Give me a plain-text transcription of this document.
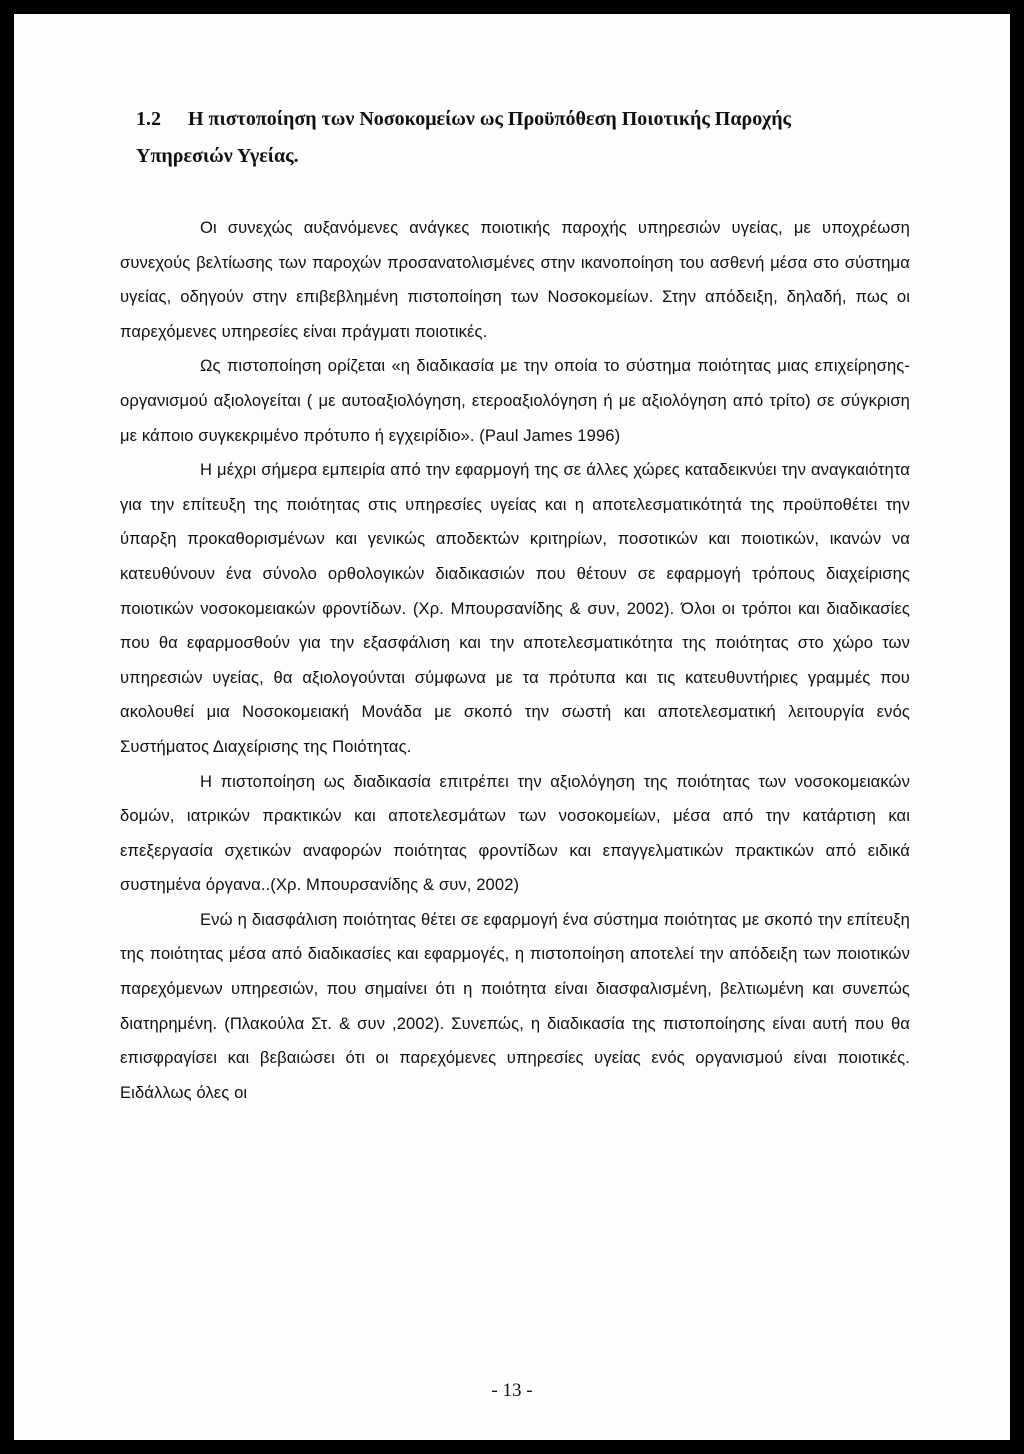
1.2 Η πιστοποίηση των Νοσοκομείων ως Προϋπόθεση Ποιοτικής Παροχής
Υπηρεσιών Υγείας.

Οι συνεχώς αυξανόμενες ανάγκες ποιοτικής παροχής υπηρεσιών υγείας, με υποχρέωση συνεχούς βελτίωσης των παροχών προσανατολισμένες στην ικανοποίηση του ασθενή μέσα στο σύστημα υγείας, οδηγούν στην επιβεβλημένη πιστοποίηση των Νοσοκομείων. Στην απόδειξη, δηλαδή, πως οι παρεχόμενες υπηρεσίες είναι πράγματι ποιοτικές.

Ως πιστοποίηση ορίζεται «η διαδικασία με την οποία το σύστημα ποιότητας μιας επιχείρησης-οργανισμού αξιολογείται ( με αυτοαξιολόγηση, ετεροαξιολόγηση ή με αξιολόγηση από τρίτο) σε σύγκριση με κάποιο συγκεκριμένο πρότυπο ή εγχειρίδιο». (Paul James 1996)

Η μέχρι σήμερα εμπειρία από την εφαρμογή της σε άλλες χώρες καταδεικνύει την αναγκαιότητα για την επίτευξη της ποιότητας στις υπηρεσίες υγείας και η αποτελεσματικότητά της προϋποθέτει την ύπαρξη προκαθορισμένων και γενικώς αποδεκτών κριτηρίων, ποσοτικών και ποιοτικών, ικανών να κατευθύνουν ένα σύνολο ορθολογικών διαδικασιών που θέτουν σε εφαρμογή τρόπους διαχείρισης ποιοτικών νοσοκομειακών φροντίδων. (Χρ. Μπουρσανίδης & συν, 2002). Όλοι οι τρόποι και διαδικασίες που θα εφαρμοσθούν για την εξασφάλιση και την αποτελεσματικότητα της ποιότητας στο χώρο των υπηρεσιών υγείας, θα αξιολογούνται σύμφωνα με τα πρότυπα και τις κατευθυντήριες γραμμές που ακολουθεί μια Νοσοκομειακή Μονάδα με σκοπό την σωστή και αποτελεσματική λειτουργία ενός Συστήματος Διαχείρισης της Ποιότητας.

Η πιστοποίηση ως διαδικασία επιτρέπει την αξιολόγηση της ποιότητας των νοσοκομειακών δομών, ιατρικών πρακτικών και αποτελεσμάτων των νοσοκομείων, μέσα από την κατάρτιση και επεξεργασία σχετικών αναφορών ποιότητας φροντίδων και επαγγελματικών πρακτικών από ειδικά συστημένα όργανα..(Χρ. Μπουρσανίδης & συν, 2002)

Ενώ η διασφάλιση ποιότητας θέτει σε εφαρμογή ένα σύστημα ποιότητας με σκοπό την επίτευξη της ποιότητας μέσα από διαδικασίες και εφαρμογές, η πιστοποίηση αποτελεί την απόδειξη των ποιοτικών παρεχόμενων υπηρεσιών, που σημαίνει ότι η ποιότητα είναι διασφαλισμένη, βελτιωμένη και συνεπώς διατηρημένη. (Πλακούλα Στ. & συν ,2002). Συνεπώς, η διαδικασία της πιστοποίησης είναι αυτή που θα επισφραγίσει και βεβαιώσει ότι οι παρεχόμενες υπηρεσίες υγείας ενός οργανισμού είναι ποιοτικές. Ειδάλλως όλες οι

- 13 -
